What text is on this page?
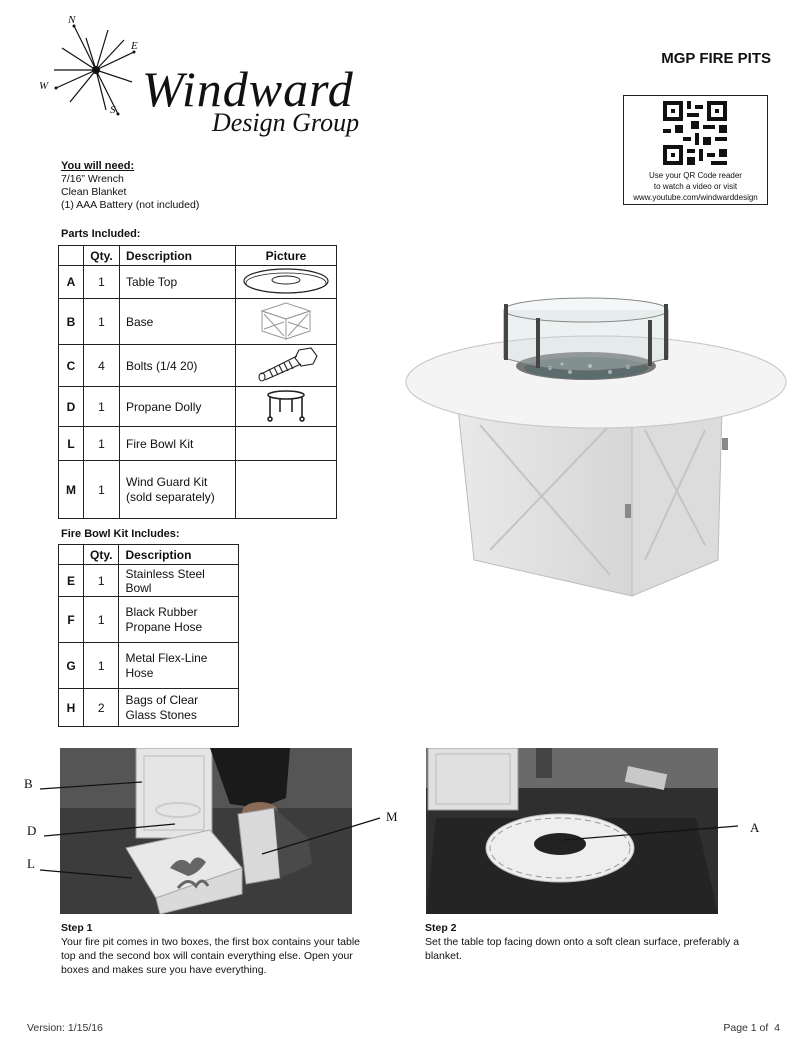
N
E
S
W Windward
Design Group
MGP FIRE PITS
Use your QR Code reader
to watch a video or visit
www.youtube.com/windwarddesign
You will need:
7/16” Wrench
Clean Blanket
(1) AAA Battery (not included)
Parts Included:
	Qty.	Description	Picture
A	1	Table Top	
B	1	Base	
C	4	Bolts (1/4 20)	
D	1	Propane Dolly	
L	1	Fire Bowl Kit	
M	1	Wind Guard Kit
(sold separately)	

Fire Bowl Kit Includes:
	Qty.	Description
E	1	Stainless Steel Bowl
F	1	Black Rubber
Propane Hose

G	1	Metal Flex-Line
Hose

H	2	Bags of Clear
Glass Stones
B
D
L
M
Step 1
Your fire pit comes in two boxes, the first box contains your table top and the second box will contain everything else. Open your boxes and makes sure you have everything.
A
Step 2
Set the table top facing down onto a soft clean surface, preferably a blanket.
Version: 1/15/16	Page 1 of  4
